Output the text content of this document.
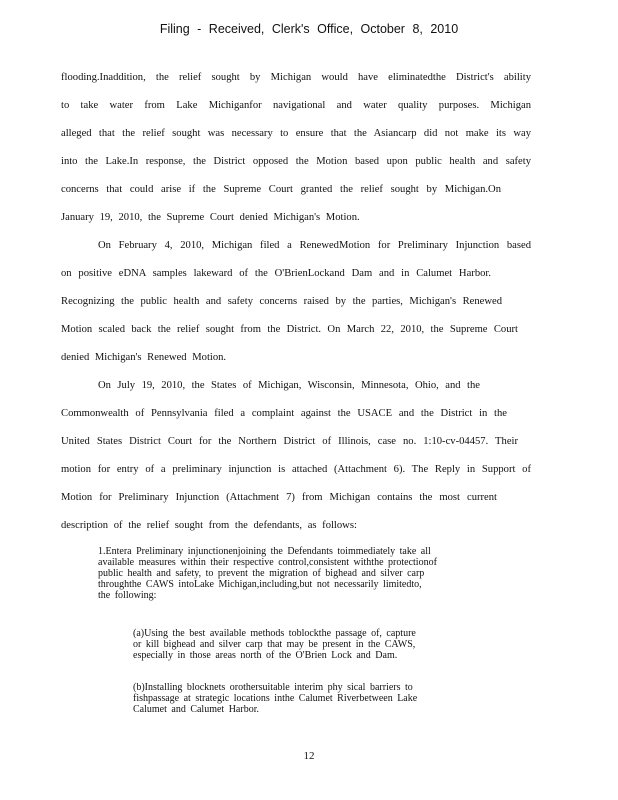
Filing - Received, Clerk's Office, October 8, 2010
flooding.Inaddition, the relief sought by Michigan would have eliminatedthe District's ability
to take water from Lake Michiganfor navigational and water quality purposes. Michigan
alleged that the relief sought was necessary to ensure that the Asiancarp did not make its way
into the Lake.In response, the District opposed the Motion based upon public health and safety
concerns that could arise if the Supreme Court granted the relief sought by Michigan.On
January 19, 2010, the Supreme Court denied Michigan's Motion.
On February 4, 2010, Michigan filed a RenewedMotion for Preliminary Injunction based
on positive eDNA samples lakeward of the O'BrienLockand Dam and in Calumet Harbor.
Recognizing the public health and safety concerns raised by the parties, Michigan's Renewed
Motion scaled back the relief sought from the District. On March 22, 2010, the Supreme Court
denied Michigan's Renewed Motion.
On July 19, 2010, the States of Michigan, Wisconsin, Minnesota, Ohio, and the
Commonwealth of Pennsylvania filed a complaint against the USACE and the District in the
United States District Court for the Northern District of Illinois, case no. 1:10-cv-04457. Their
motion for entry of a preliminary injunction is attached (Attachment 6). The Reply in Support of
Motion for Preliminary Injunction (Attachment 7) from Michigan contains the most current
description of the relief sought from the defendants, as follows:
1.Entera Preliminary injunctionenjoining the Defendants toimmediately take all
available measures within their respective control,consistent withthe protectionof
public health and safety, to prevent the migration of bighead and silver carp
throughthe CAWS intoLake Michigan,including,but not necessarily limitedto,
the following:
(a)Using the best available methods toblockthe passage of, capture
or kill bighead and silver carp that may be present in the CAWS,
especially in those areas north of the O'Brien Lock and Dam.
(b)Installing blocknets orothersuitable interim phy sical barriers to
fishpassage at strategic locations inthe Calumet Riverbetween Lake
Calumet and Calumet Harbor.
12
